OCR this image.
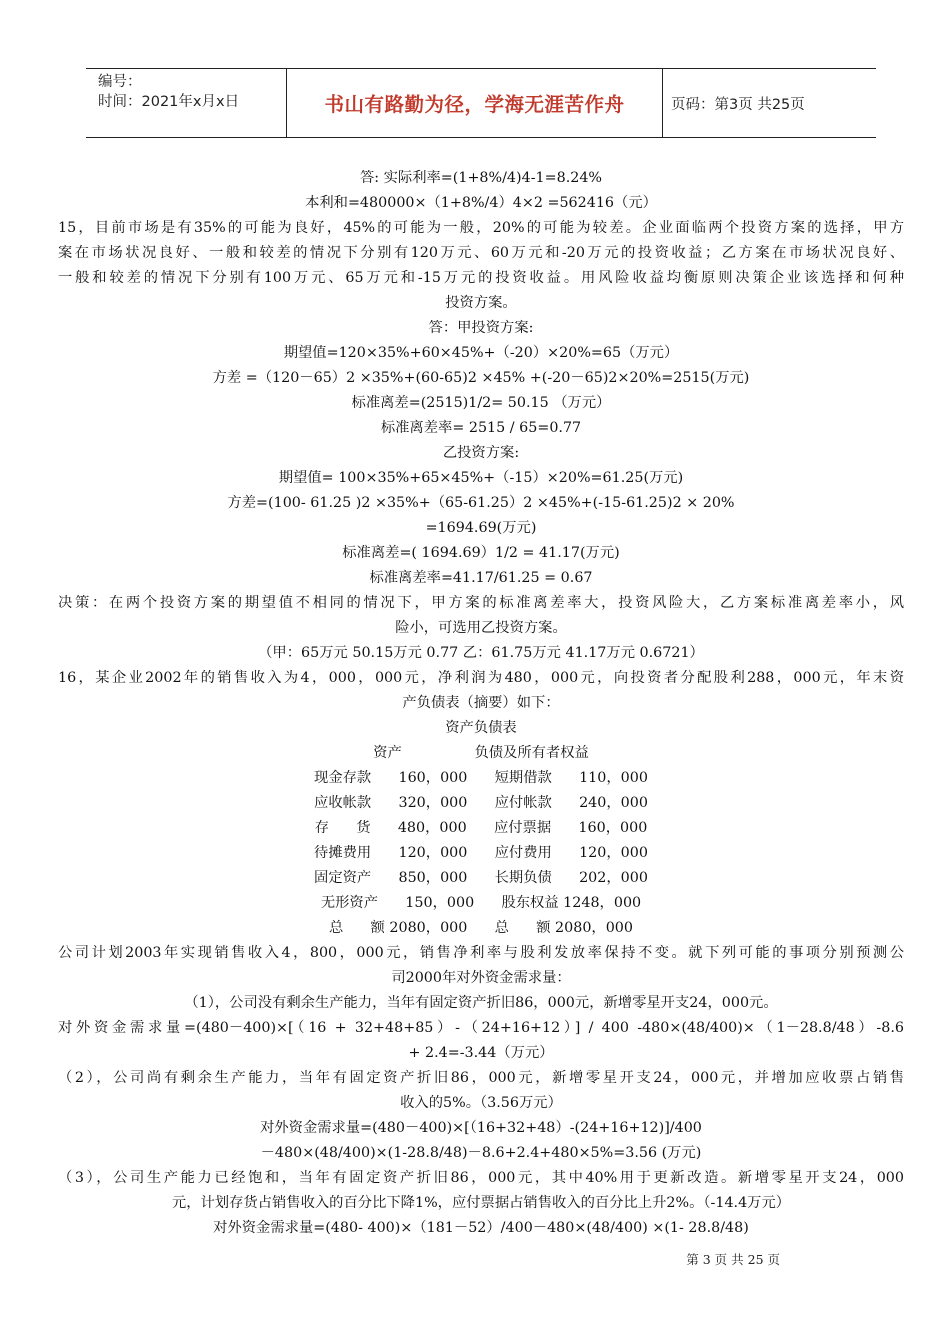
编号：
时间：2021年x月x日	书山有路勤为径，学海无涯苦作舟	页码：第3页 共25页
答: 实际利率=(1+8%/4)4-1=8.24%
本利和=480000×（1+8%/4）4×2 =562416（元）
15，目前市场是有35%的可能为良好，45%的可能为一般，20%的可能为较差。企业面临两个投资方案的选择，甲方
案在市场状况良好、一般和较差的情况下分别有120万元、60万元和-20万元的投资收益；乙方案在市场状况良好、
一般和较差的情况下分别有100万元、65万元和-15万元的投资收益。用风险收益均衡原则决策企业该选择和何种
投资方案。
答：甲投资方案:
期望值=120×35%+60×45%+（-20）×20%=65（万元）
方差 =（120－65）2 ×35%+(60-65)2 ×45% +(-20－65)2×20%=2515(万元)
标准离差=(2515)1/2= 50.15 （万元）
标准离差率= 2515 / 65=0.77
乙投资方案:
期望值= 100×35%+65×45%+（-15）×20%=61.25(万元)
方差=(100- 61.25 )2 ×35%+（65-61.25）2 ×45%+(-15-61.25)2 × 20%
=1694.69(万元)
标准离差=( 1694.69）1/2 = 41.17(万元)
标准离差率=41.17/61.25 = 0.67
决策：在两个投资方案的期望值不相同的情况下，甲方案的标准离差率大，投资风险大，乙方案标准离差率小，风
险小，可选用乙投资方案。
（甲：65万元 50.15万元 0.77 乙：61.75万元 41.17万元 0.6721）
16，某企业2002年的销售收入为4，000，000元，净利润为480，000元，向投资者分配股利288，000元，年末资
产负债表（摘要）如下：
资产负债表
资产                负债及所有者权益
现金存款      160，000      短期借款      110，000
应收帐款      320，000      应付帐款      240，000
存      货      480，000      应付票据      160，000
待摊费用      120，000      应付费用      120，000
固定资产      850，000      长期负债      202，000
无形资产      150，000      股东权益 1248，000
总      额 2080，000      总      额 2080，000
公司计划2003年实现销售收入4，800，000元，销售净利率与股利发放率保持不变。就下列可能的事项分别预测公
司2000年对外资金需求量：
（1），公司没有剩余生产能力，当年有固定资产折旧86，000元，新增零星开支24，000元。
对外资金需求量=(480－400)×[（16 + 32+48+85）-（24+16+12）] / 400 -480×(48/400)×（1－28.8/48）-8.6
+ 2.4=-3.44（万元）
（2），公司尚有剩余生产能力，当年有固定资产折旧86，000元，新增零星开支24，000元，并增加应收票占销售
收入的5%。（3.56万元）
对外资金需求量=(480－400)×[（16+32+48）-(24+16+12)]/400
－480×(48/400)×(1-28.8/48)－8.6+2.4+480×5%=3.56 (万元)
（3），公司生产能力已经饱和，当年有固定资产折旧86，000元，其中40%用于更新改造。新增零星开支24，000
元，计划存货占销售收入的百分比下降1%，应付票据占销售收入的百分比上升2%。（-14.4万元）
对外资金需求量=(480- 400)×（181－52）/400－480×(48/400) ×(1- 28.8/48)
第 3 页 共 25 页
